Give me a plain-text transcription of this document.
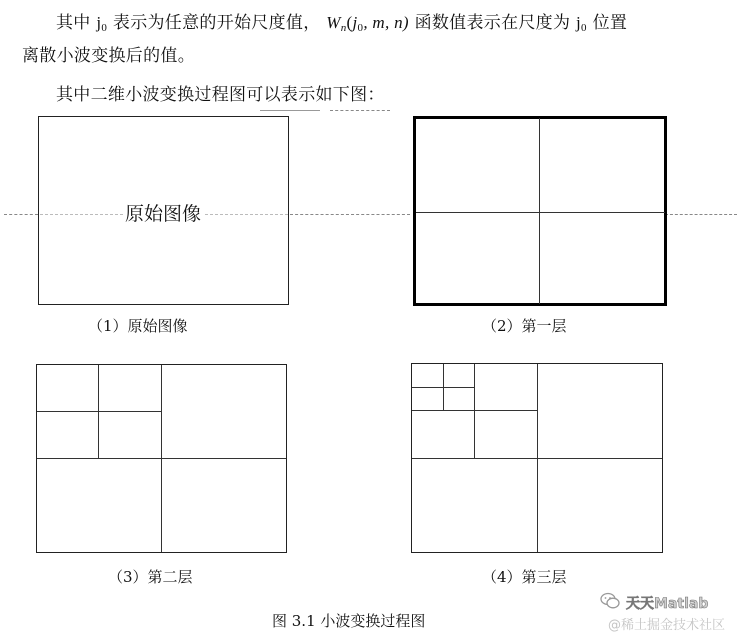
其中 $j_0$ 表示为任意的开始尺度值， $W_n(j_0$, m, n) 函数值表示在尺度为 $j_0$ 位置
离散小波变换后的值。
其中二维小波变换过程图可以表示如下图：
原始图像
（1）原始图像	（2）第一层
（3）第二层	（4）第三层
图 3.1 小波变换过程图
天天Matlab
@稀土掘金技术社区
